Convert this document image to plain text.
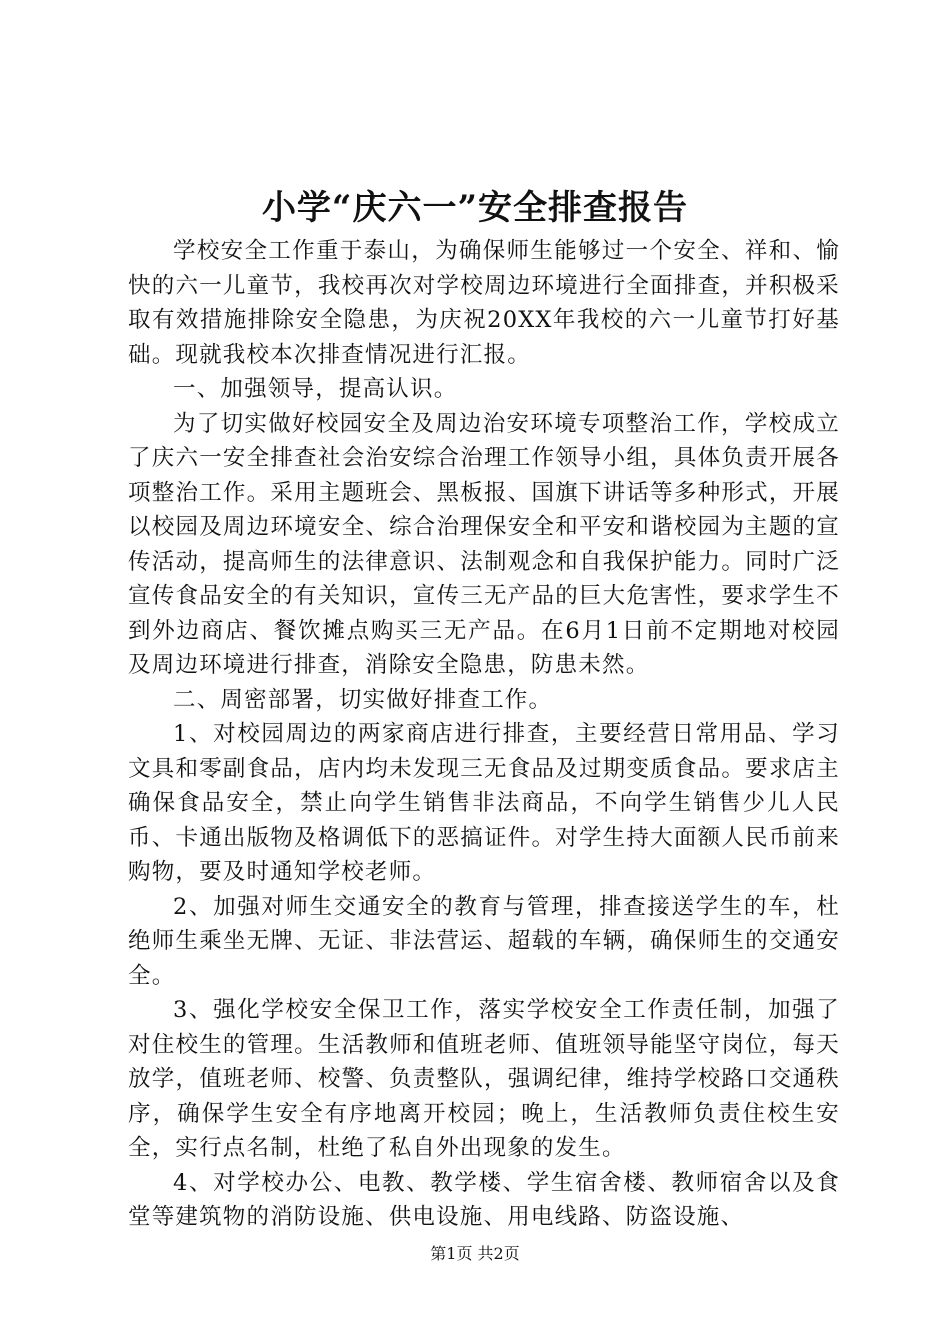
小学“庆六一”安全排查报告

学校安全工作重于泰山，为确保师生能够过一个安全、祥和、愉快的六一儿童节，我校再次对学校周边环境进行全面排查，并积极采取有效措施排除安全隐患，为庆祝20XX年我校的六一儿童节打好基础。现就我校本次排查情况进行汇报。

一、加强领导，提高认识。

为了切实做好校园安全及周边治安环境专项整治工作，学校成立了庆六一安全排查社会治安综合治理工作领导小组，具体负责开展各项整治工作。采用主题班会、黑板报、国旗下讲话等多种形式，开展以校园及周边环境安全、综合治理保安全和平安和谐校园为主题的宣传活动，提高师生的法律意识、法制观念和自我保护能力。同时广泛宣传食品安全的有关知识，宣传三无产品的巨大危害性，要求学生不到外边商店、餐饮摊点购买三无产品。在6月1日前不定期地对校园及周边环境进行排查，消除安全隐患，防患未然。

二、周密部署，切实做好排查工作。

1、对校园周边的两家商店进行排查，主要经营日常用品、学习文具和零副食品，店内均未发现三无食品及过期变质食品。要求店主确保食品安全，禁止向学生销售非法商品，不向学生销售少儿人民币、卡通出版物及格调低下的恶搞证件。对学生持大面额人民币前来购物，要及时通知学校老师。

2、加强对师生交通安全的教育与管理，排查接送学生的车，杜绝师生乘坐无牌、无证、非法营运、超载的车辆，确保师生的交通安全。

3、强化学校安全保卫工作，落实学校安全工作责任制，加强了对住校生的管理。生活教师和值班老师、值班领导能坚守岗位，每天放学，值班老师、校警、负责整队，强调纪律，维持学校路口交通秩序，确保学生安全有序地离开校园；晚上，生活教师负责住校生安全，实行点名制，杜绝了私自外出现象的发生。

4、对学校办公、电教、教学楼、学生宿舍楼、教师宿舍以及食堂等建筑物的消防设施、供电设施、用电线路、防盗设施、

第1页 共2页
